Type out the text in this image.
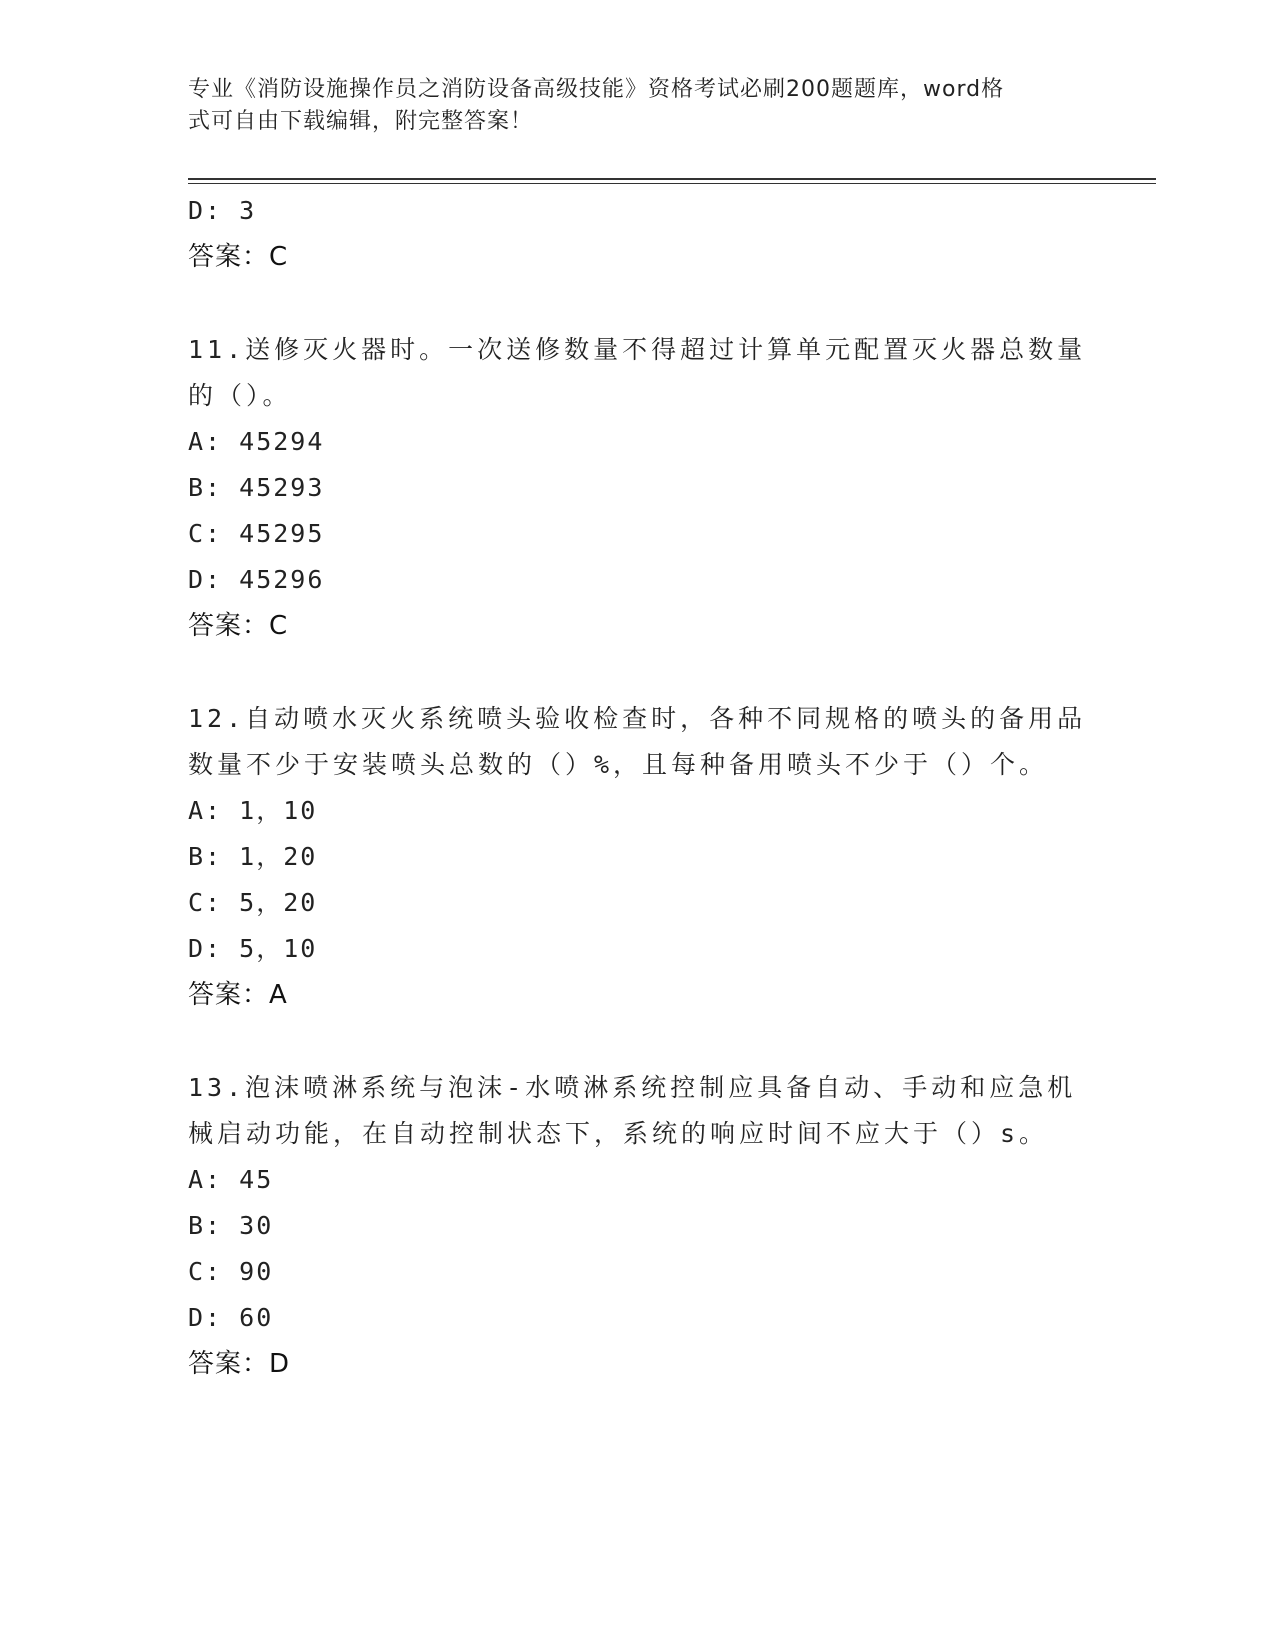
专业《消防设施操作员之消防设备高级技能》资格考试必刷200题题库，word格
式可自由下载编辑，附完整答案！
D: 3
答案：C
11.送修灭火器时。一次送修数量不得超过计算单元配置灭火器总数量
的（）。
A: 45294
B: 45293
C: 45295
D: 45296
答案：C
12.自动喷水灭火系统喷头验收检查时，各种不同规格的喷头的备用品
数量不少于安装喷头总数的（）%，且每种备用喷头不少于（）个。
A: 1，10
B: 1，20
C: 5，20
D: 5，10
答案：A
13.泡沫喷淋系统与泡沫-水喷淋系统控制应具备自动、手动和应急机
械启动功能，在自动控制状态下，系统的响应时间不应大于（）s。
A: 45
B: 30
C: 90
D: 60
答案：D
